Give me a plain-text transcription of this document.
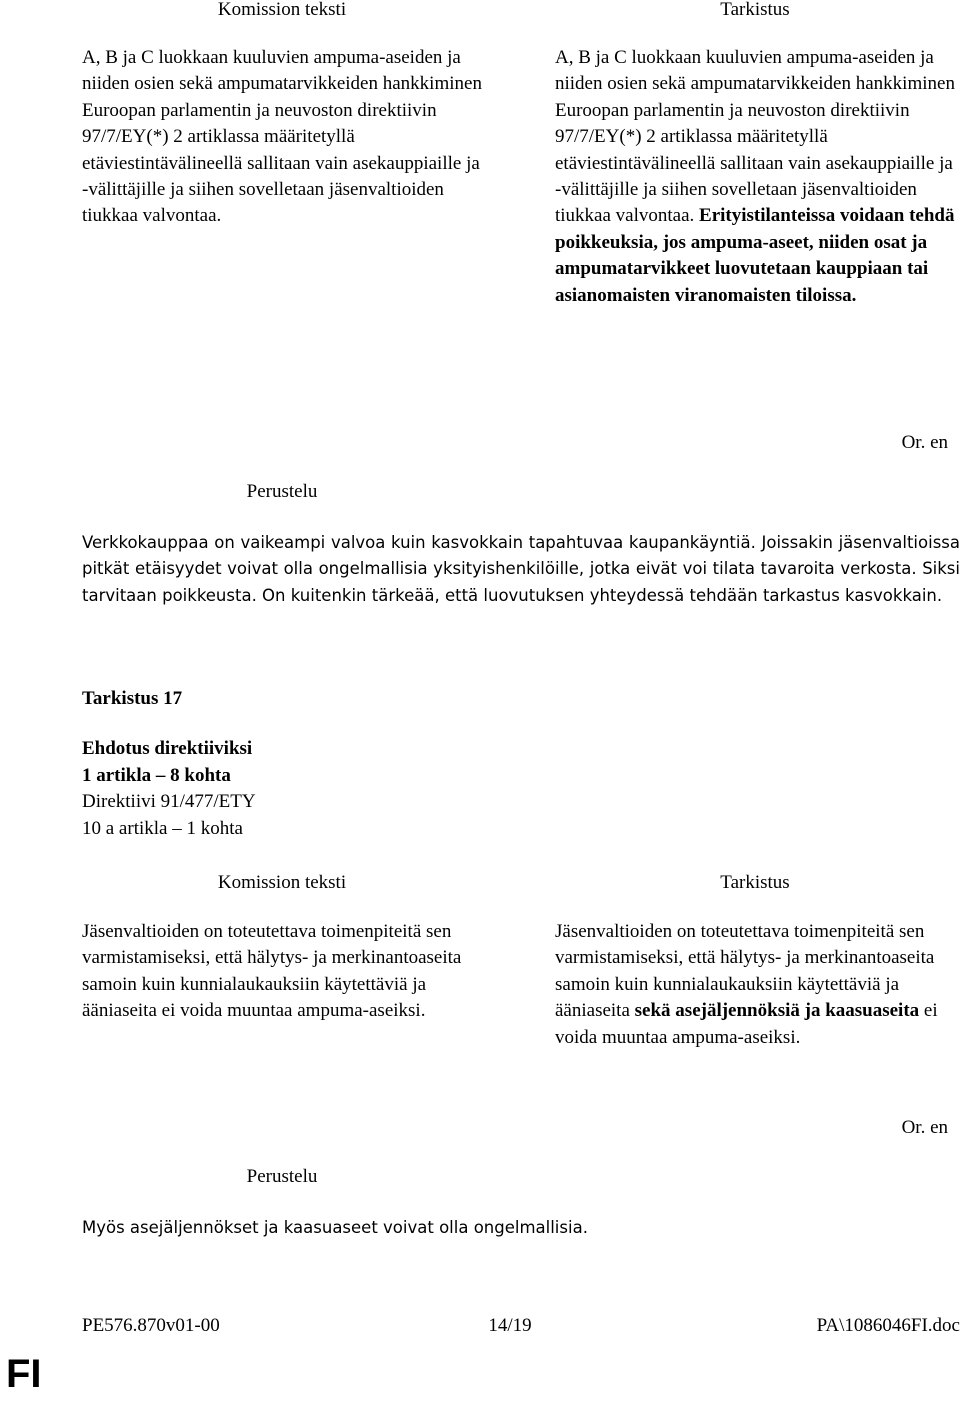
Komission teksti	Tarkistus

A, B ja C luokkaan kuuluvien ampuma-aseiden ja niiden osien sekä ampumatarvikkeiden hankkiminen Euroopan parlamentin ja neuvoston direktiivin 97/7/EY(*) 2 artiklassa määritetyllä etäviestintävälineellä sallitaan vain asekauppiaille ja -välittäjille ja siihen sovelletaan jäsenvaltioiden tiukkaa valvontaa.

A, B ja C luokkaan kuuluvien ampuma-aseiden ja niiden osien sekä ampumatarvikkeiden hankkiminen Euroopan parlamentin ja neuvoston direktiivin 97/7/EY(*) 2 artiklassa määritetyllä etäviestintävälineellä sallitaan vain asekauppiaille ja -välittäjille ja siihen sovelletaan jäsenvaltioiden tiukkaa valvontaa. Erityistilanteissa voidaan tehdä poikkeuksia, jos ampuma-aseet, niiden osat ja ampumatarvikkeet luovutetaan kauppiaan tai asianomaisten viranomaisten tiloissa.

Or. en
Perustelu

Verkkokauppaa on vaikeampi valvoa kuin kasvokkain tapahtuvaa kaupankäyntiä. Joissakin jäsenvaltioissa pitkät etäisyydet voivat olla ongelmallisia yksityishenkilöille, jotka eivät voi tilata tavaroita verkosta. Siksi tarvitaan poikkeusta. On kuitenkin tärkeää, että luovutuksen yhteydessä tehdään tarkastus kasvokkain.

Tarkistus 17
Ehdotus direktiiviksi
1 artikla – 8 kohta
Direktiivi 91/477/ETY
10 a artikla – 1 kohta
Komission teksti	Tarkistus

Jäsenvaltioiden on toteutettava toimenpiteitä sen varmistamiseksi, että hälytys- ja merkinantoaseita samoin kuin kunnialaukauksiin käytettäviä ja ääniaseita ei voida muuntaa ampuma-aseiksi.

Jäsenvaltioiden on toteutettava toimenpiteitä sen varmistamiseksi, että hälytys- ja merkinantoaseita samoin kuin kunnialaukauksiin käytettäviä ja ääniaseita sekä asejäljennöksiä ja kaasuaseita ei voida muuntaa ampuma-aseiksi.

Or. en
Perustelu

Myös asejäljennökset ja kaasuaseet voivat olla ongelmallisia.

PE576.870v01-00	14/19	PA\1086046FI.doc
FI
